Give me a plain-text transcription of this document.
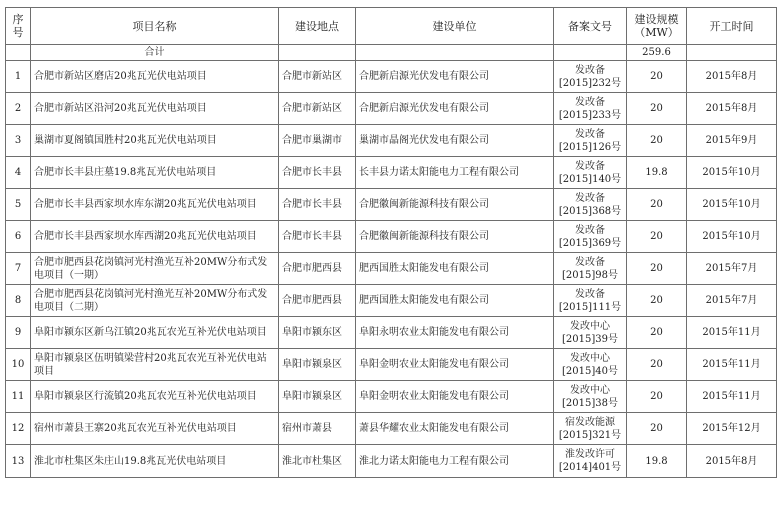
序号	项目名称	建设地点	建设单位	备案文号	建设规模（MW）	开工时间
	合计				259.6	
1	合肥市新站区磨店20兆瓦光伏电站项目	合肥市新站区	合肥新启源光伏发电有限公司	发改备
[2015]232号	20	2015年8月
2	合肥市新站区沿河20兆瓦光伏电站项目	合肥市新站区	合肥新启源光伏发电有限公司	发改备
[2015]233号	20	2015年8月
3	巢湖市夏阁镇国胜村20兆瓦光伏电站项目	合肥市巢湖市	巢湖市晶阁光伏发电有限公司	发改备
[2015]126号	20	2015年9月
4	合肥市长丰县庄墓19.8兆瓦光伏电站项目	合肥市长丰县	长丰县力诺太阳能电力工程有限公司	发改备
[2015]140号	19.8	2015年10月
5	合肥市长丰县西家坝水库东湖20兆瓦光伏电站项目	合肥市长丰县	合肥徽闽新能源科技有限公司	发改备
[2015]368号	20	2015年10月
6	合肥市长丰县西家坝水库西湖20兆瓦光伏电站项目	合肥市长丰县	合肥徽闽新能源科技有限公司	发改备
[2015]369号	20	2015年10月
7	合肥市肥西县花岗镇河光村渔光互补20MW分布式发电项目（一期）	合肥市肥西县	肥西国胜太阳能发电有限公司	发改备
[2015]98号	20	2015年7月
8	合肥市肥西县花岗镇河光村渔光互补20MW分布式发电项目（二期）	合肥市肥西县	肥西国胜太阳能发电有限公司	发改备
[2015]111号	20	2015年7月
9	阜阳市颍东区新乌江镇20兆瓦农光互补光伏电站项目	阜阳市颍东区	阜阳永明农业太阳能发电有限公司	发改中心
[2015]39号	20	2015年11月
10	阜阳市颍泉区伍明镇梁营村20兆瓦农光互补光伏电站项目	阜阳市颍泉区	阜阳金明农业太阳能发电有限公司	发改中心
[2015]40号	20	2015年11月
11	阜阳市颍泉区行流镇20兆瓦农光互补光伏电站项目	阜阳市颍泉区	阜阳金明农业太阳能发电有限公司	发改中心
[2015]38号	20	2015年11月
12	宿州市萧县王寨20兆瓦农光互补光伏电站项目	宿州市萧县	萧县华耀农业太阳能发电有限公司	宿发改能源
[2015]321号	20	2015年12月
13	淮北市杜集区朱庄山19.8兆瓦光伏电站项目	淮北市杜集区	淮北力诺太阳能电力工程有限公司	淮发改许可
[2014]401号	19.8	2015年8月
